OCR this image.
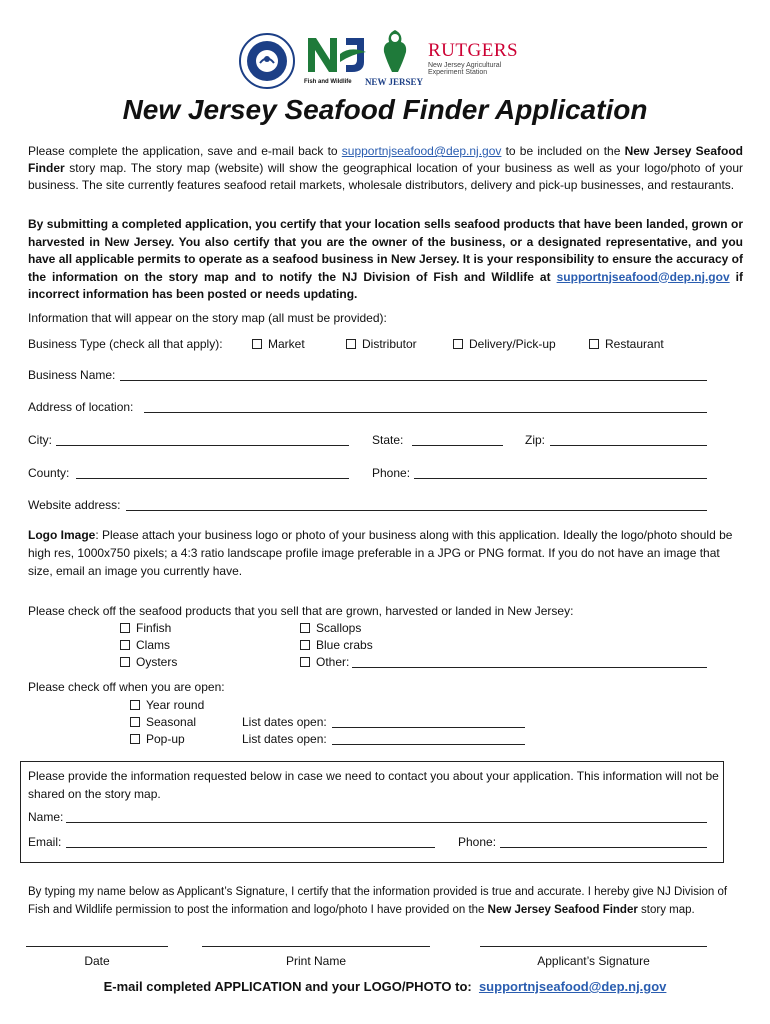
Fish and Wildlife	NEW JERSEY
RUTGERS
New Jersey Agricultural
Experiment Station
New Jersey Seafood Finder Application
Please complete the application, save and e-mail back to supportnjseafood@dep.nj.gov to be included on the New Jersey Seafood Finder story map. The story map (website) will show the geographical location of your business as well as your logo/photo of your business. The site currently features seafood retail markets, wholesale distributors, delivery and pick-up businesses, and restaurants.
By submitting a completed application, you certify that your location sells seafood products that have been landed, grown or harvested in New Jersey. You also certify that you are the owner of the business, or a designated representative, and you have all applicable permits to operate as a seafood business in New Jersey. It is your responsibility to ensure the accuracy of the information on the story map and to notify the NJ Division of Fish and Wildlife at supportnjseafood@dep.nj.gov if incorrect information has been posted or needs updating.
Information that will appear on the story map (all must be provided):
Business Type (check all that apply):	Market	Distributor	Delivery/Pick-up	Restaurant
Business Name:
Address of location:
City:	State:	Zip:
County:	Phone:
Website address:
Logo Image: Please attach your business logo or photo of your business along with this application. Ideally the logo/photo should be high res, 1000x750 pixels; a 4:3 ratio landscape profile image preferable in a JPG or PNG format. If you do not have an image that size, email an image you currently have.
Please check off the seafood products that you sell that are grown, harvested or landed in New Jersey:
Finfish
Clams
Oysters
Scallops
Blue crabs
Other:
Please check off when you are open:
Year round
Seasonal
Pop-up
List dates open:
List dates open:
Please provide the information requested below in case we need to contact you about your application. This information will not be shared on the story map.
Name:
Email:	Phone:
By typing my name below as Applicant’s Signature, I certify that the information provided is true and accurate. I hereby give NJ Division of Fish and Wildlife permission to post the information and logo/photo I have provided on the New Jersey Seafood Finder story map.
Date	Print Name	Applicant’s Signature
E-mail completed APPLICATION and your LOGO/PHOTO to: supportnjseafood@dep.nj.gov
